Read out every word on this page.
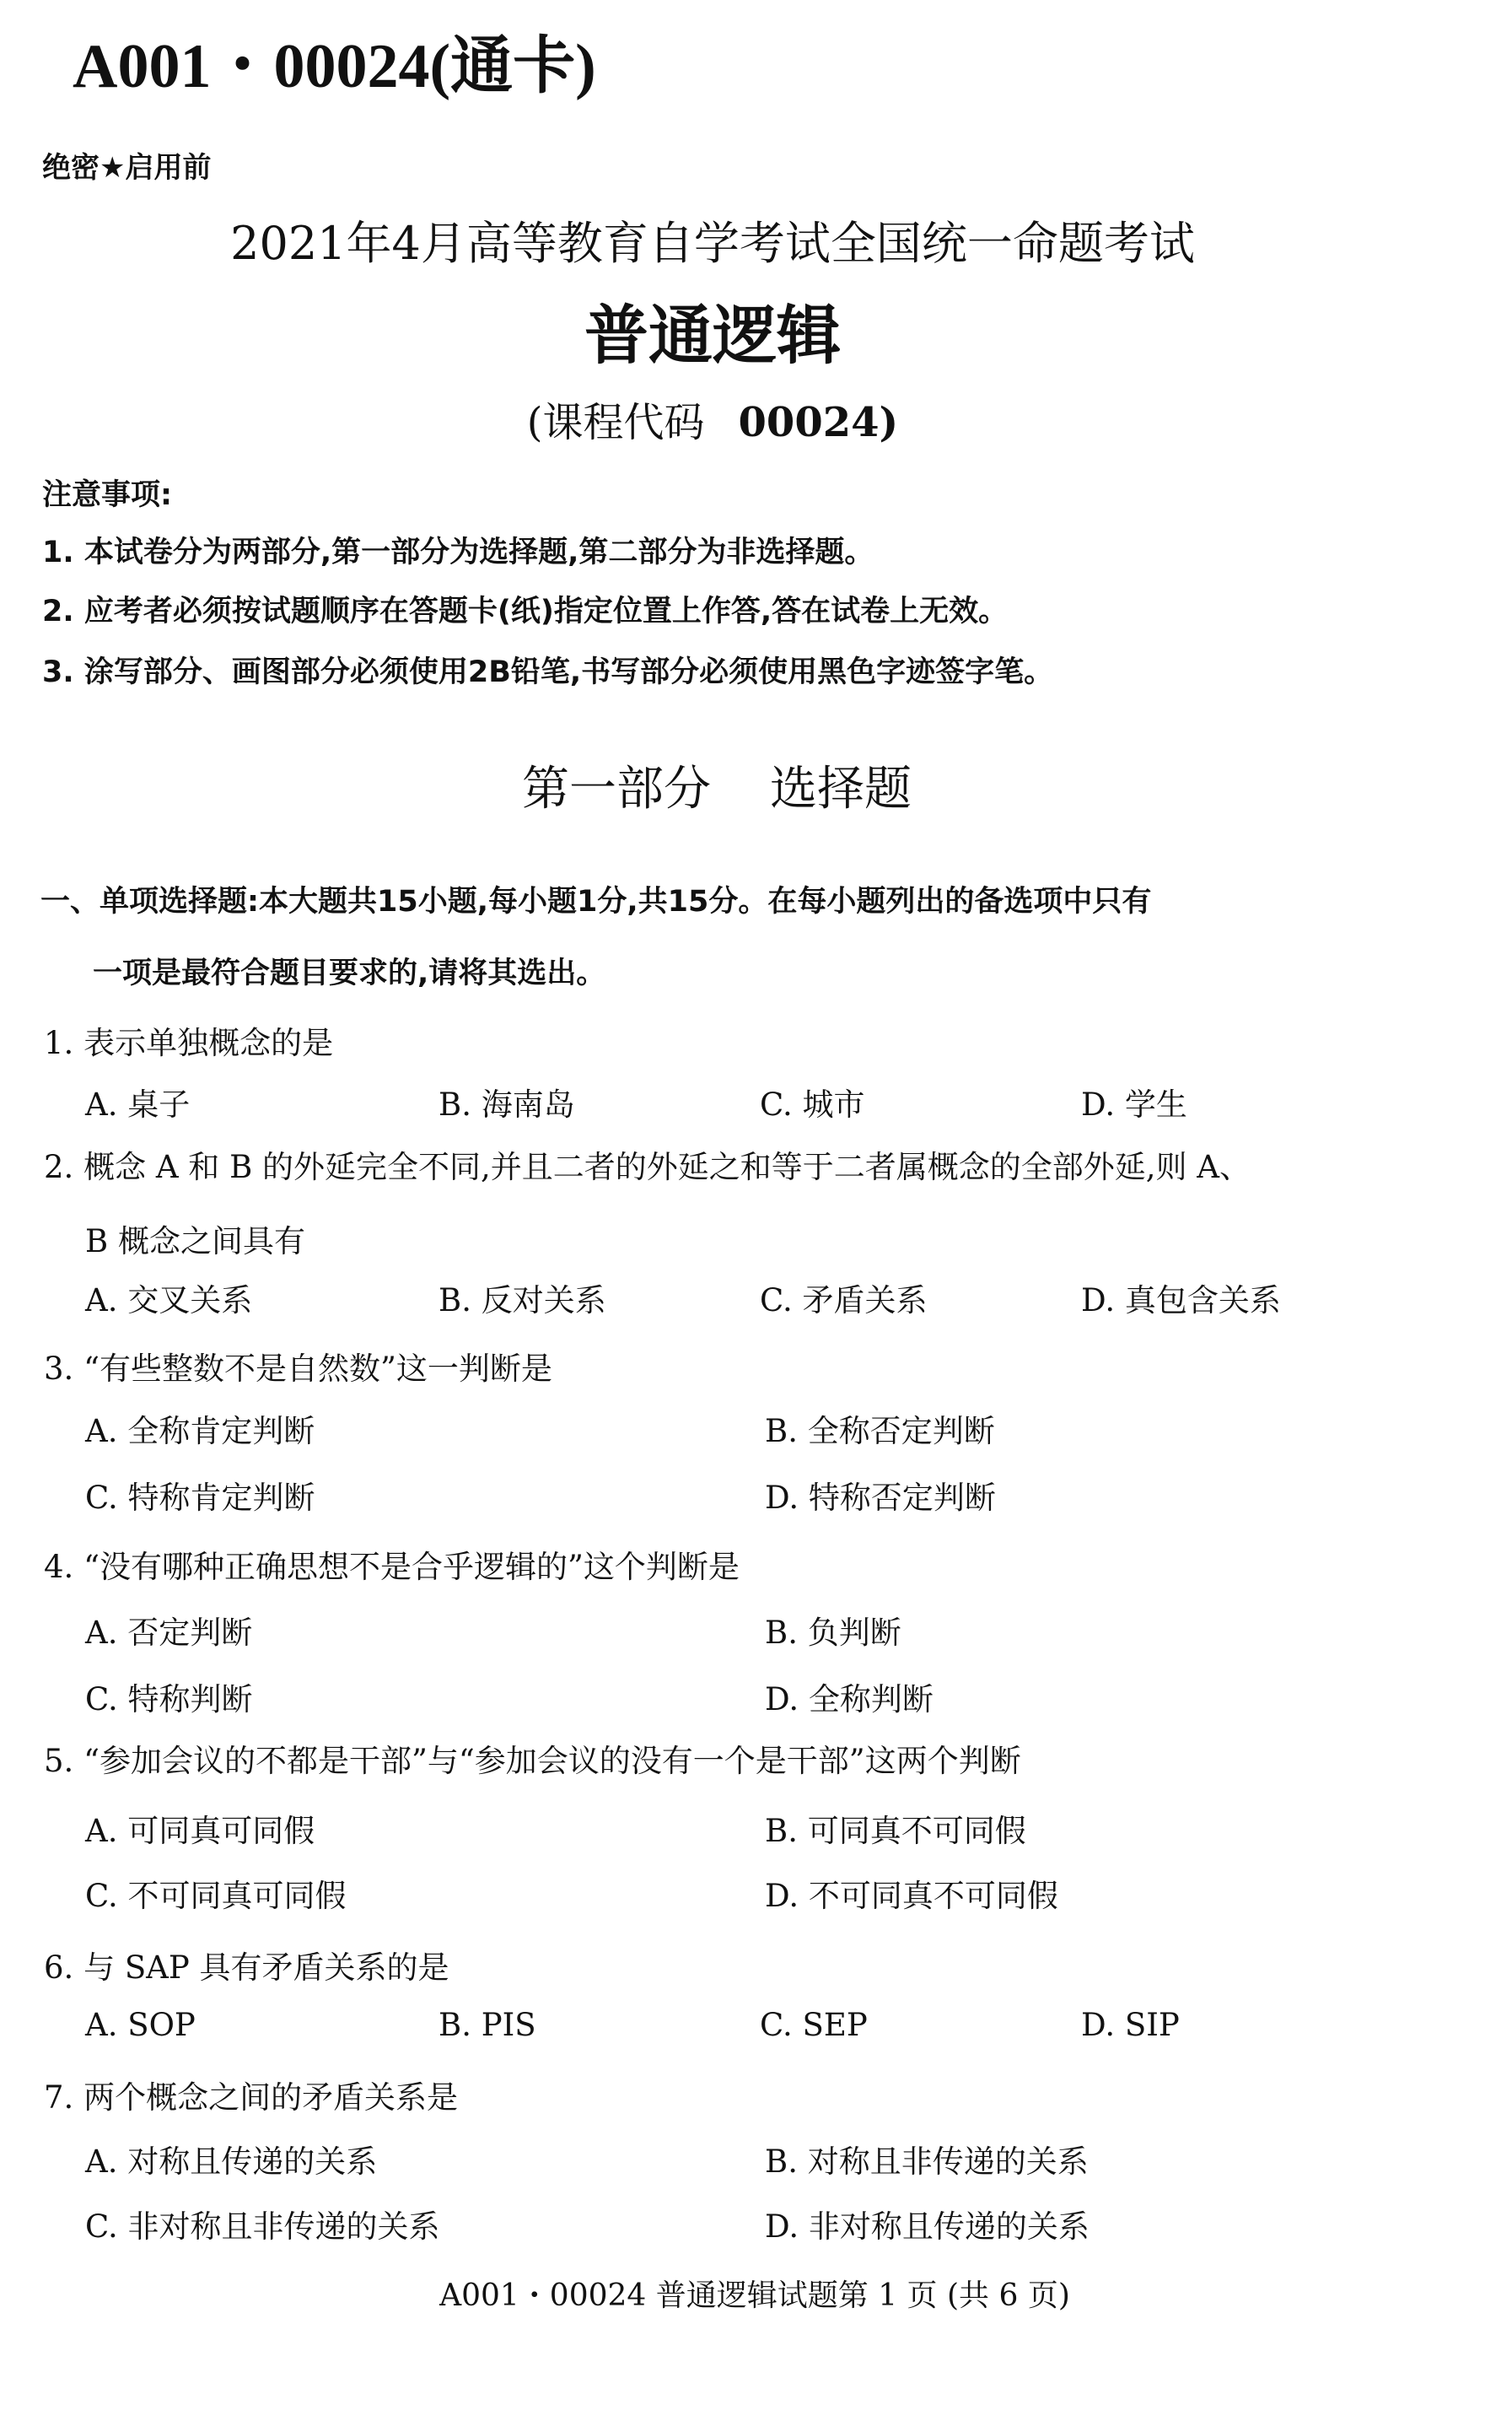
A001・00024(通卡)
绝密★启用前
2021年4月高等教育自学考试全国统一命题考试
普通逻辑
(课程代码 00024)
注意事项:
1. 本试卷分为两部分,第一部分为选择题,第二部分为非选择题。
2. 应考者必须按试题顺序在答题卡(纸)指定位置上作答,答在试卷上无效。
3. 涂写部分、画图部分必须使用2B铅笔,书写部分必须使用黑色字迹签字笔。
第一部分 选择题
一、单项选择题:本大题共15小题,每小题1分,共15分。在每小题列出的备选项中只有
一项是最符合题目要求的,请将其选出。
1. 表示单独概念的是
A. 桌子	B. 海南岛	C. 城市	D. 学生
2. 概念 A 和 B 的外延完全不同,并且二者的外延之和等于二者属概念的全部外延,则 A、
B 概念之间具有
A. 交叉关系	B. 反对关系	C. 矛盾关系	D. 真包含关系
3. “有些整数不是自然数”这一判断是
A. 全称肯定判断	B. 全称否定判断
C. 特称肯定判断	D. 特称否定判断
4. “没有哪种正确思想不是合乎逻辑的”这个判断是
A. 否定判断	B. 负判断
C. 特称判断	D. 全称判断
5. “参加会议的不都是干部”与“参加会议的没有一个是干部”这两个判断
A. 可同真可同假	B. 可同真不可同假
C. 不可同真可同假	D. 不可同真不可同假
6. 与 SAP 具有矛盾关系的是
A. SOP	B. PIS	C. SEP	D. SIP
7. 两个概念之间的矛盾关系是
A. 对称且传递的关系	B. 对称且非传递的关系
C. 非对称且非传递的关系	D. 非对称且传递的关系
A001・00024 普通逻辑试题第 1 页 (共 6 页)
